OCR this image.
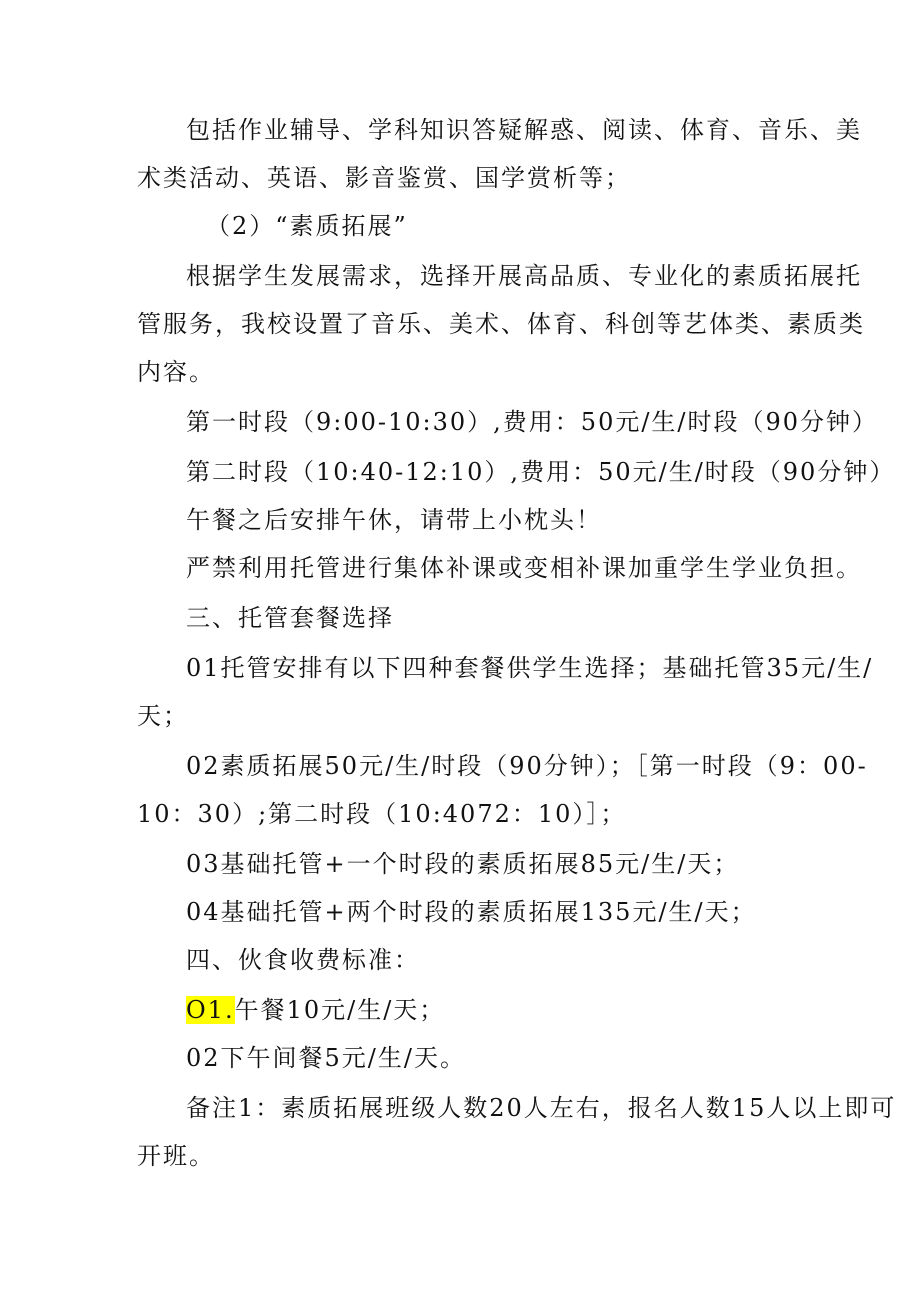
包括作业辅导、学科知识答疑解惑、阅读、体育、音乐、美
术类活动、英语、影音鉴赏、国学赏析等；
（2）“素质拓展”
根据学生发展需求，选择开展高品质、专业化的素质拓展托
管服务，我校设置了音乐、美术、体育、科创等艺体类、素质类
内容。
第一时段（9:00-10:30）,费用：50元/生/时段（90分钟）
第二时段（10:40-12:10）,费用：50元/生/时段（90分钟）
午餐之后安排午休，请带上小枕头！
严禁利用托管进行集体补课或变相补课加重学生学业负担。
三、托管套餐选择
01托管安排有以下四种套餐供学生选择；基础托管35元/生/
天；
02素质拓展50元/生/时段（90分钟）；［第一时段（9：00-
10：30）;第二时段（10:4072：10）］；
03基础托管+一个时段的素质拓展85元/生/天；
04基础托管+两个时段的素质拓展135元/生/天；
四、伙食收费标准：
O1.午餐10元/生/天；
02下午间餐5元/生/天。
备注1：素质拓展班级人数20人左右，报名人数15人以上即可
开班。
